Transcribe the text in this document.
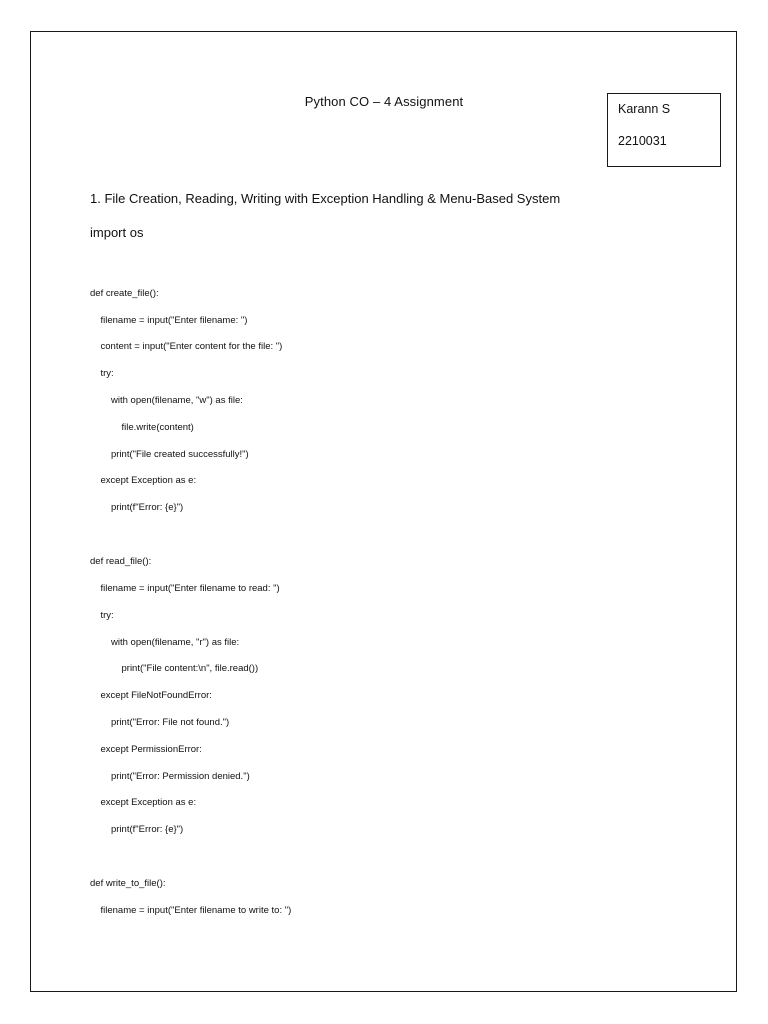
Python CO – 4 Assignment	Karann S
2210031
1. File Creation, Reading, Writing with Exception Handling & Menu-Based System
import os
def create_file():
filename = input("Enter filename: ")
content = input("Enter content for the file: ")
try:
with open(filename, "w") as file:
file.write(content)
print("File created successfully!")
except Exception as e:
print(f"Error: {e}")
def read_file():
filename = input("Enter filename to read: ")
try:
with open(filename, "r") as file:
print("File content:\n", file.read())
except FileNotFoundError:
print("Error: File not found.")
except PermissionError:
print("Error: Permission denied.")
except Exception as e:
print(f"Error: {e}")
def write_to_file():
filename = input("Enter filename to write to: ")
